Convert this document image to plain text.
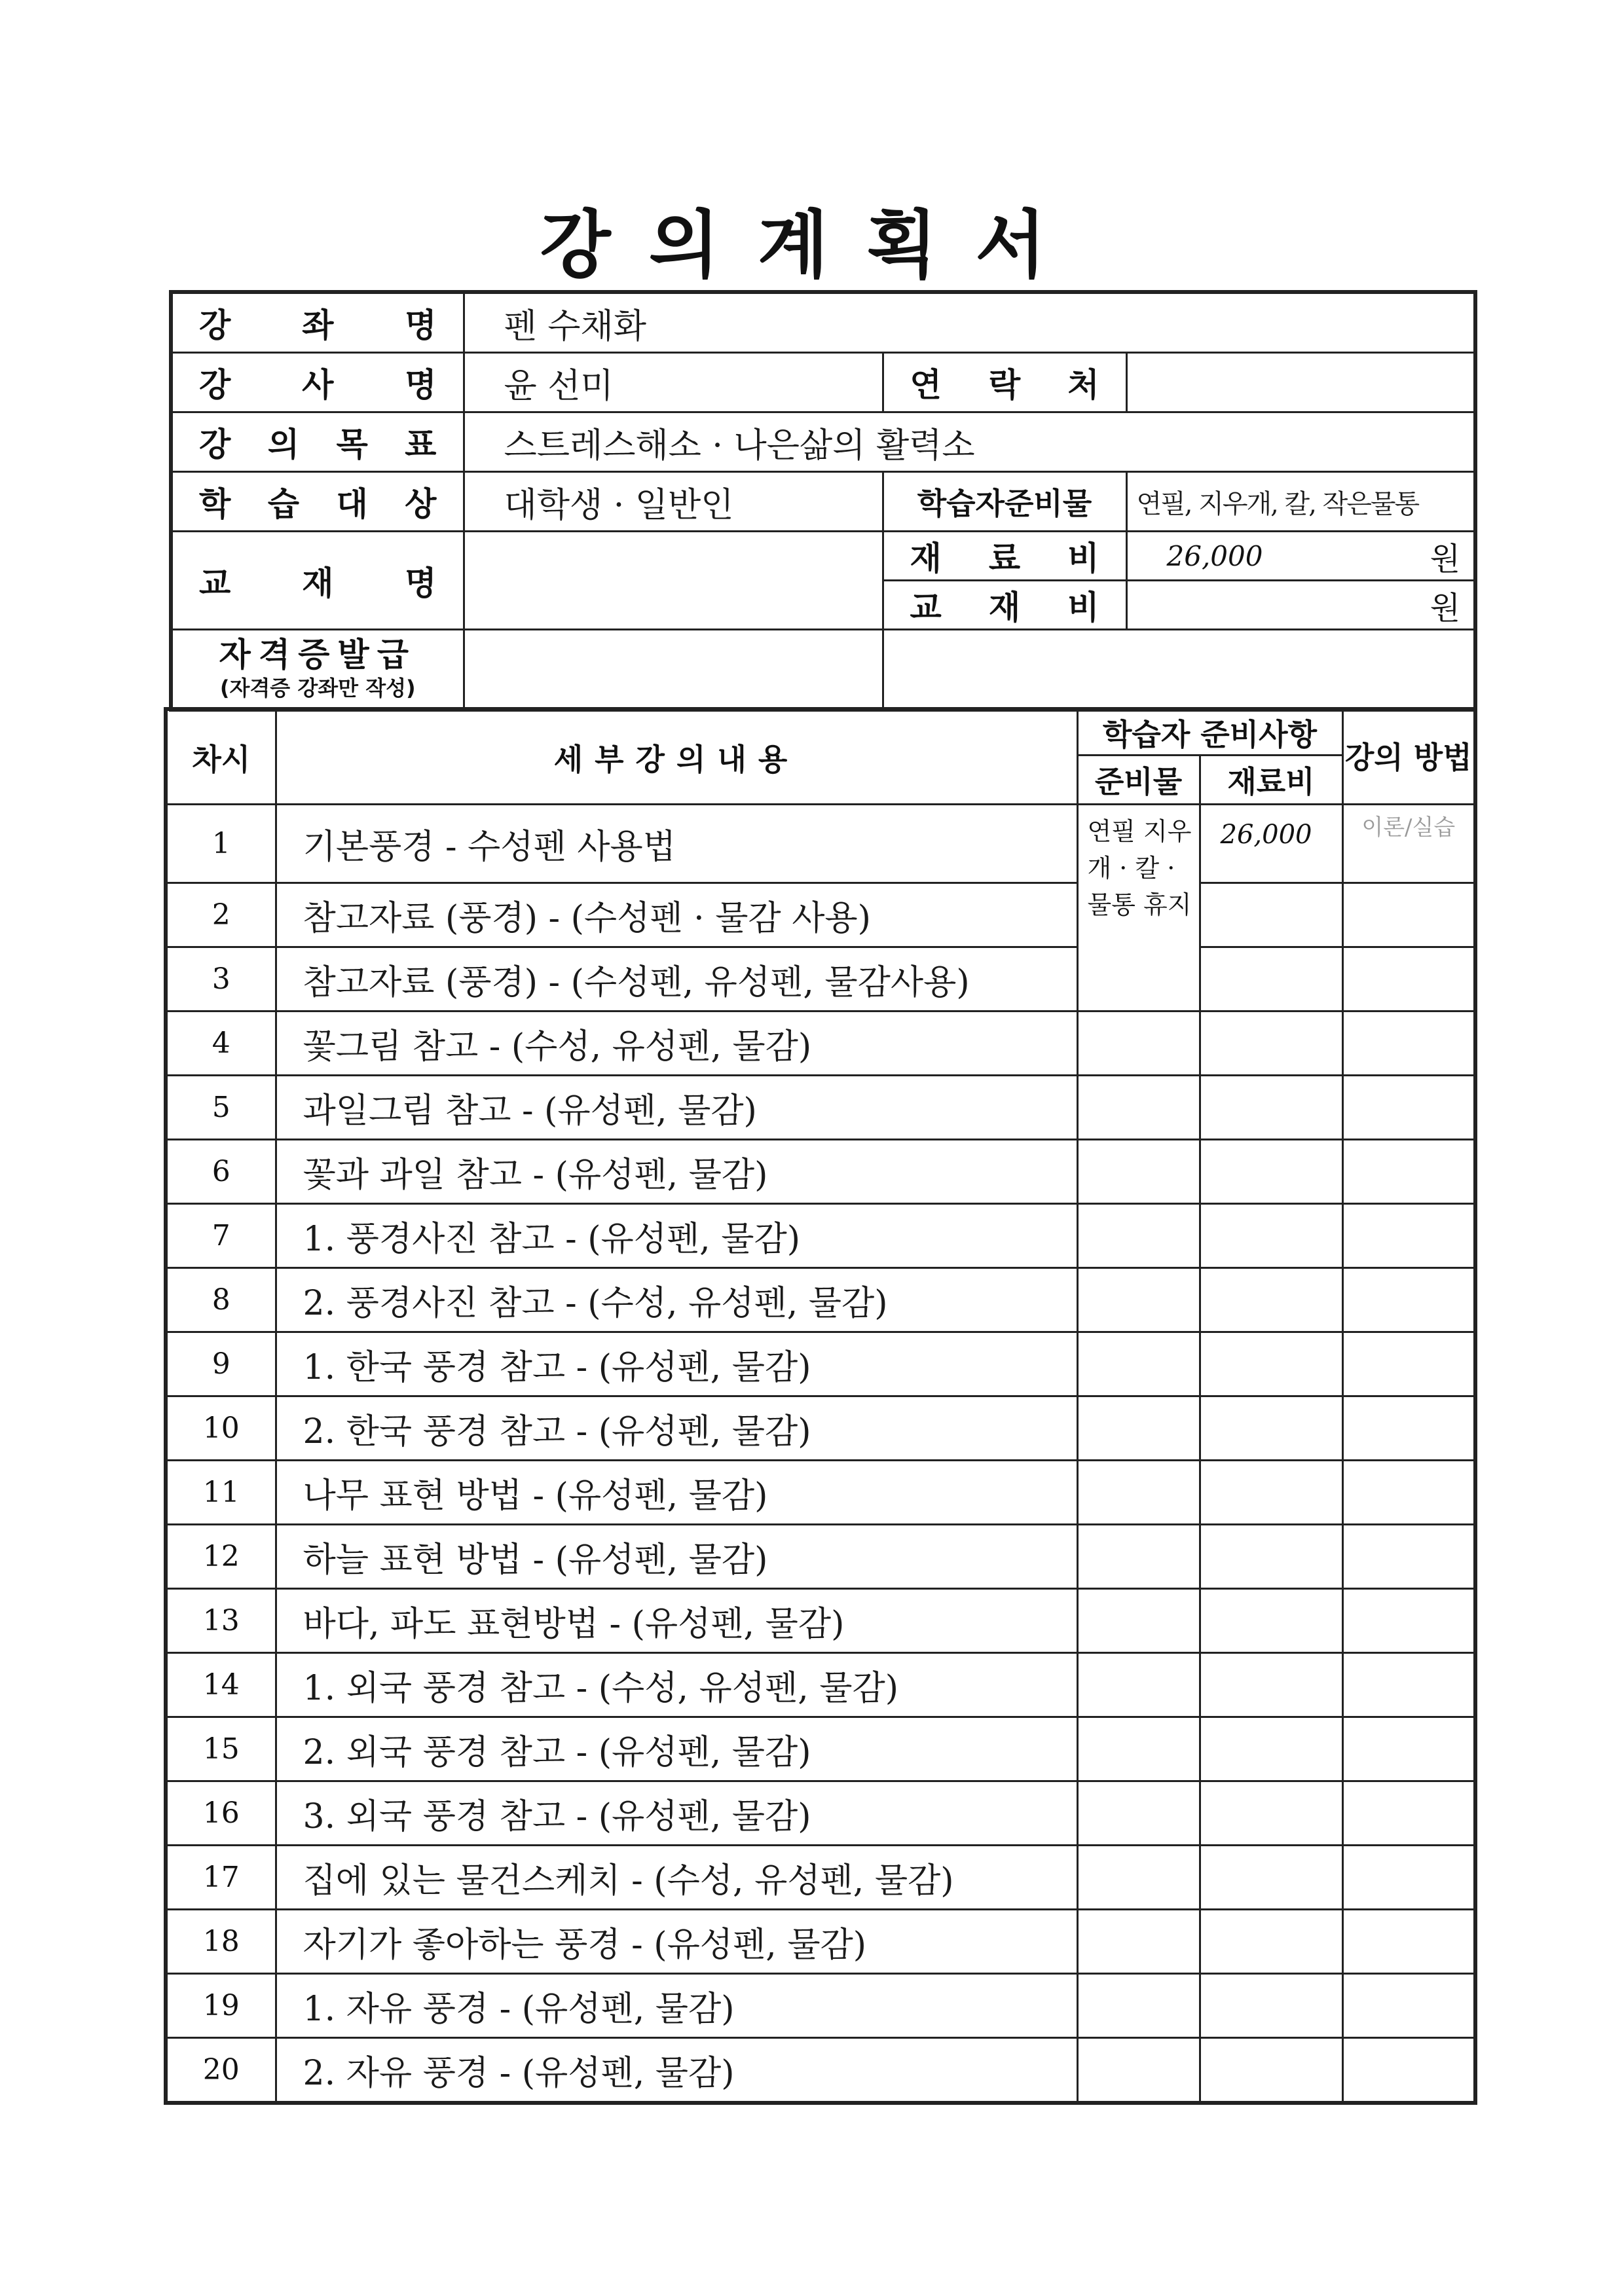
강의계획서
강 좌 명	펜 수채화		

강 사 명	윤 선미	연 락 처	

강 의 목 표	스트레스해소 · 나은삶의 활력소		

학 습 대 상	대학생 · 일반인	학습자준비물	연필, 지우개, 칼, 작은물통

교 재 명		재 료 비	26,000 원

		교 재 비	원

자격증발급
(자격증 강좌만 작성)			

차시	세부강의내용	학습자 준비사항		강의 방법
		준비물	재료비	
1	기본풍경 - 수성펜 사용법	연필 지우개 · 칼 · 물통 휴지	26,000	이론/실습
2	참고자료 (풍경) - (수성펜 · 물감 사용)			
3	참고자료 (풍경) - (수성펜, 유성펜, 물감사용)			
4	꽃그림 참고 - (수성, 유성펜, 물감)			
5	과일그림 참고 - (유성펜, 물감)			
6	꽃과 과일 참고 - (유성펜, 물감)			
7	1. 풍경사진 참고 - (유성펜, 물감)			
8	2. 풍경사진 참고 - (수성, 유성펜, 물감)			
9	1. 한국 풍경 참고 - (유성펜, 물감)			
10	2. 한국 풍경 참고 - (유성펜, 물감)			
11	나무 표현 방법 - (유성펜, 물감)			
12	하늘 표현 방법 - (유성펜, 물감)			
13	바다, 파도 표현방법 - (유성펜, 물감)			
14	1. 외국 풍경 참고 - (수성, 유성펜, 물감)			
15	2. 외국 풍경 참고 - (유성펜, 물감)			
16	3. 외국 풍경 참고 - (유성펜, 물감)			
17	집에 있는 물건스케치 - (수성, 유성펜, 물감)			
18	자기가 좋아하는 풍경 - (유성펜, 물감)			
19	1. 자유 풍경 - (유성펜, 물감)			
20	2. 자유 풍경 - (유성펜, 물감)			
